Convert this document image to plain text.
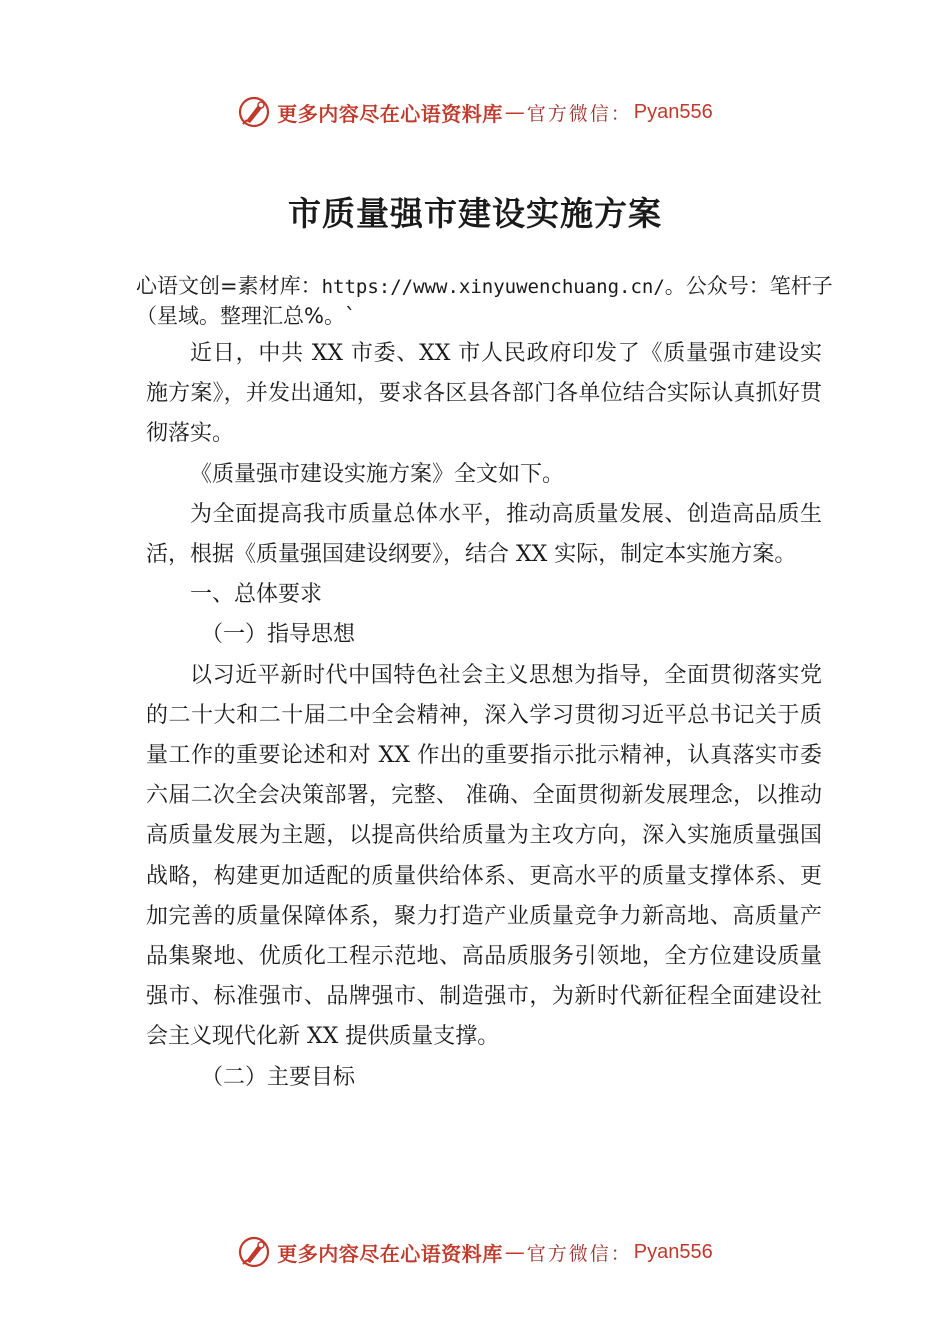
更多内容尽在心语资料库 — 官方微信： Pyan556
市质量强市建设实施方案
心语文创=素材库：https://www.xinyuwenchuang.cn/。公众号：笔杆子（星域。整理汇总%。`

近日，中共 XX 市委、XX 市人民政府印发了《质量强市建设实施方案》，并发出通知，要求各区县各部门各单位结合实际认真抓好贯彻落实。

《质量强市建设实施方案》全文如下。

为全面提高我市质量总体水平，推动高质量发展、创造高品质生活，根据《质量强国建设纲要》，结合 XX 实际，制定本实施方案。

一、总体要求

（一）指导思想

以习近平新时代中国特色社会主义思想为指导，全面贯彻落实党的二十大和二十届二中全会精神，深入学习贯彻习近平总书记关于质量工作的重要论述和对 XX 作出的重要指示批示精神，认真落实市委六届二次全会决策部署，完整、 准确、全面贯彻新发展理念，以推动高质量发展为主题，以提高供给质量为主攻方向，深入实施质量强国战略，构建更加适配的质量供给体系、更高水平的质量支撑体系、更加完善的质量保障体系，聚力打造产业质量竞争力新高地、高质量产品集聚地、优质化工程示范地、高品质服务引领地，全方位建设质量强市、标准强市、品牌强市、制造强市，为新时代新征程全面建设社会主义现代化新 XX 提供质量支撑。

（二）主要目标

更多内容尽在心语资料库 — 官方微信： Pyan556
